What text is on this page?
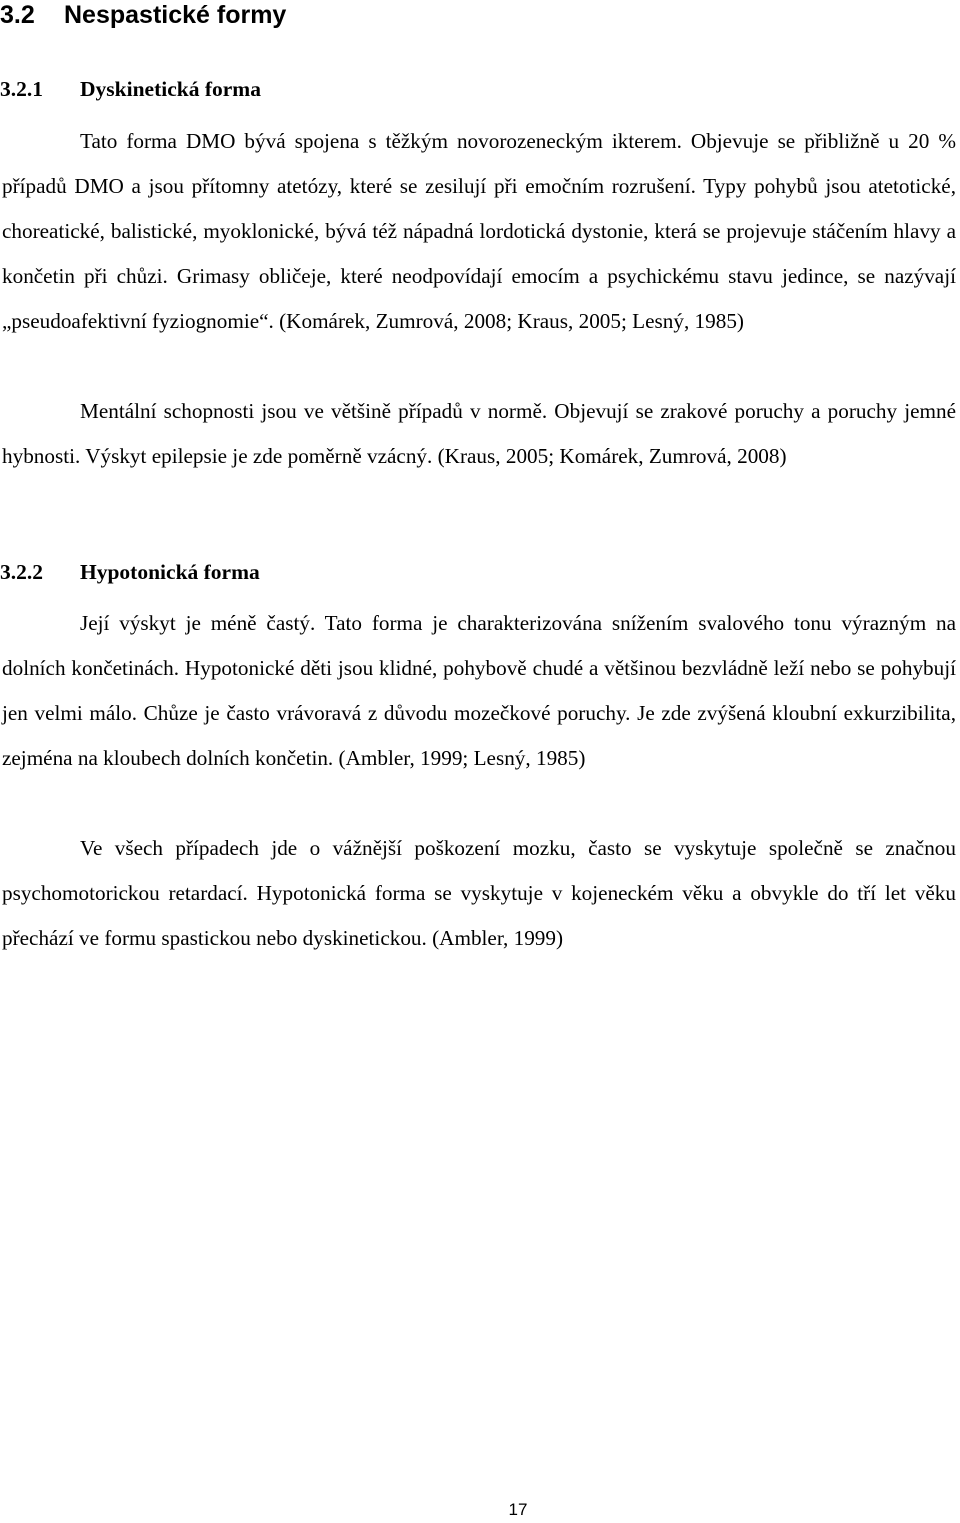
3.2 Nespastické formy
3.2.1 Dyskinetická forma

Tato forma DMO bývá spojena s těžkým novorozeneckým ikterem. Objevuje se přibližně u 20 % případů DMO a jsou přítomny atetózy, které se zesilují při emočním rozrušení. Typy pohybů jsou atetotické, choreatické, balistické, myoklonické, bývá též nápadná lordotická dystonie, která se projevuje stáčením hlavy a končetin při chůzi. Grimasy obličeje, které neodpovídají emocím a psychickému stavu jedince, se nazývají „pseudoafektivní fyziognomie“. (Komárek, Zumrová, 2008; Kraus, 2005; Lesný, 1985)

Mentální schopnosti jsou ve většině případů v normě. Objevují se zrakové poruchy a poruchy jemné hybnosti. Výskyt epilepsie je zde poměrně vzácný. (Kraus, 2005; Komárek, Zumrová, 2008)

3.2.2 Hypotonická forma

Její výskyt je méně častý. Tato forma je charakterizována snížením svalového tonu výrazným na dolních končetinách. Hypotonické děti jsou klidné, pohybově chudé a většinou bezvládně leží nebo se pohybují jen velmi málo. Chůze je často vrávoravá z důvodu mozečkové poruchy. Je zde zvýšená kloubní exkurzibilita, zejména na kloubech dolních končetin. (Ambler, 1999; Lesný, 1985)

Ve všech případech jde o vážnější poškození mozku, často se vyskytuje společně se značnou psychomotorickou retardací. Hypotonická forma se vyskytuje v kojeneckém věku a obvykle do tří let věku přechází ve formu spastickou nebo dyskinetickou. (Ambler, 1999)

17
